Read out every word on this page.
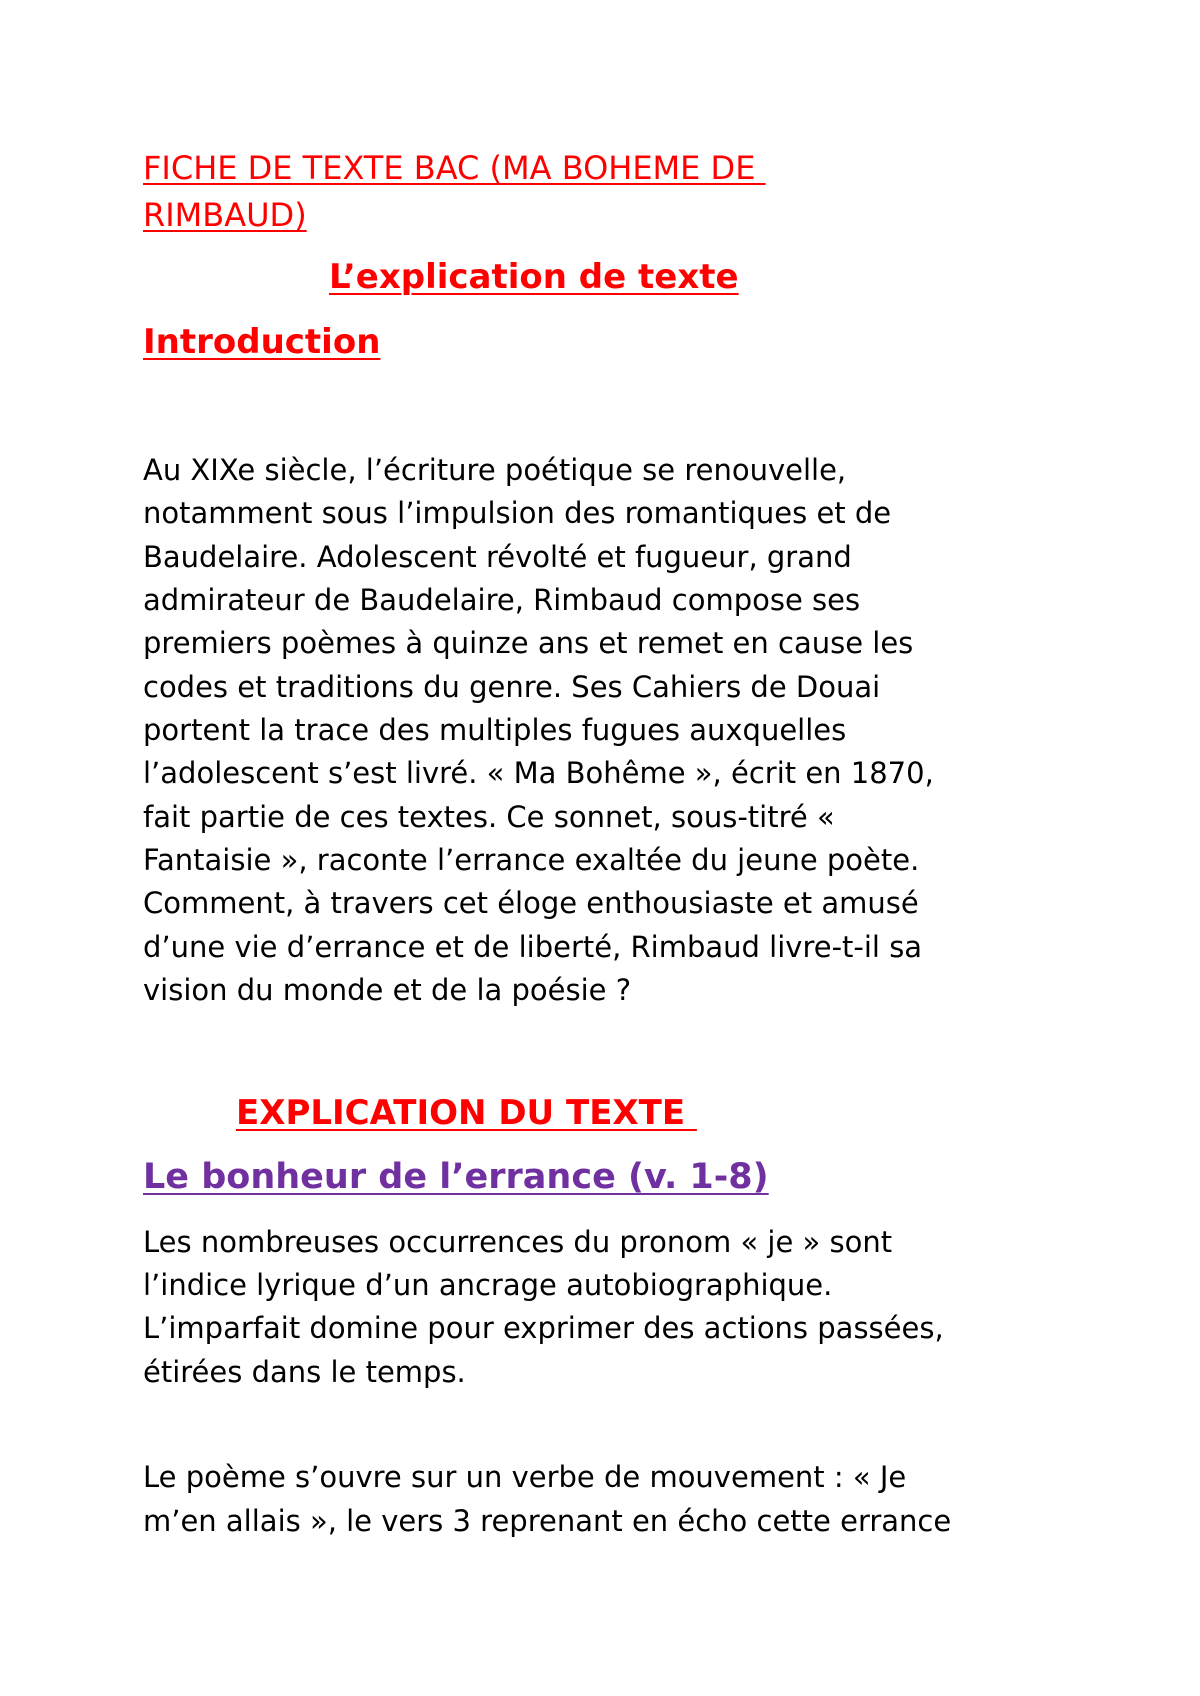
FICHE DE TEXTE BAC (MA BOHEME DE

RIMBAUD)

L’explication de texte
Introduction

Au XIXe siècle, l’écriture poétique se renouvelle,

notamment sous l’impulsion des romantiques et de

Baudelaire. Adolescent révolté et fugueur, grand

admirateur de Baudelaire, Rimbaud compose ses

premiers poèmes à quinze ans et remet en cause les

codes et traditions du genre. Ses Cahiers de Douai

portent la trace des multiples fugues auxquelles

l’adolescent s’est livré. « Ma Bohême », écrit en 1870,

fait partie de ces textes. Ce sonnet, sous-titré «

Fantaisie », raconte l’errance exaltée du jeune poète.

Comment, à travers cet éloge enthousiaste et amusé

d’une vie d’errance et de liberté, Rimbaud livre-t-il sa

vision du monde et de la poésie ?

EXPLICATION DU TEXTE
Le bonheur de l’errance (v. 1-8)

Les nombreuses occurrences du pronom « je » sont

l’indice lyrique d’un ancrage autobiographique.

L’imparfait domine pour exprimer des actions passées,

étirées dans le temps.

Le poème s’ouvre sur un verbe de mouvement : « Je

m’en allais », le vers 3 reprenant en écho cette errance
